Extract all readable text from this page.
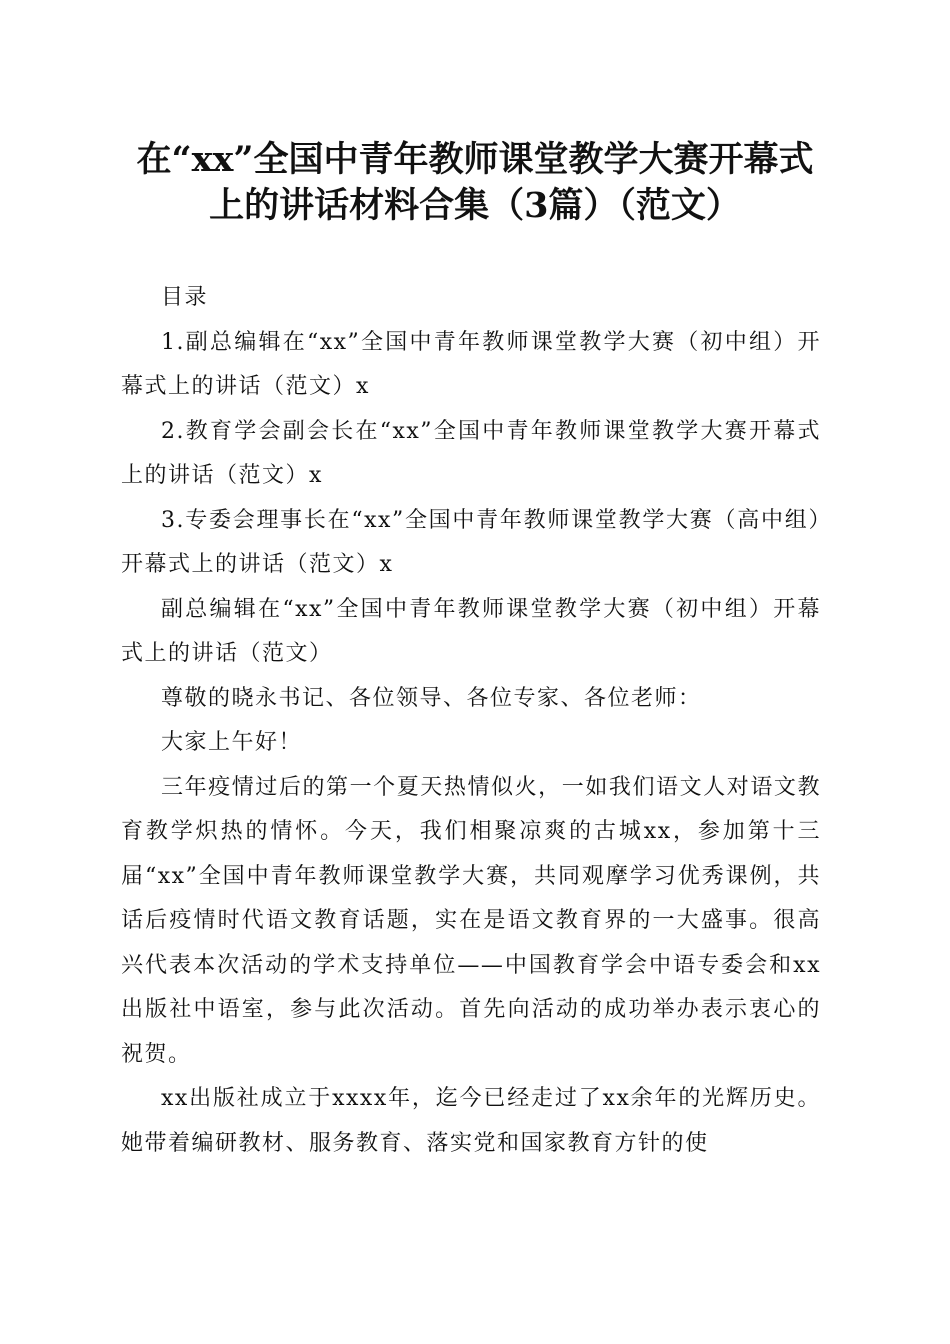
在“xx”全国中青年教师课堂教学大赛开幕式
上的讲话材料合集（3篇）（范文）

目录

1.副总编辑在“xx”全国中青年教师课堂教学大赛（初中组）开幕式上的讲话（范文）x

2.教育学会副会长在“xx”全国中青年教师课堂教学大赛开幕式上的讲话（范文）x

3.专委会理事长在“xx”全国中青年教师课堂教学大赛（高中组）开幕式上的讲话（范文）x

副总编辑在“xx”全国中青年教师课堂教学大赛（初中组）开幕式上的讲话（范文）

尊敬的晓永书记、各位领导、各位专家、各位老师：

大家上午好！

三年疫情过后的第一个夏天热情似火，一如我们语文人对语文教育教学炽热的情怀。今天，我们相聚凉爽的古城xx，参加第十三届“xx”全国中青年教师课堂教学大赛，共同观摩学习优秀课例，共话后疫情时代语文教育话题，实在是语文教育界的一大盛事。很高兴代表本次活动的学术支持单位——中国教育学会中语专委会和xx出版社中语室，参与此次活动。首先向活动的成功举办表示衷心的祝贺。

xx出版社成立于xxxx年，迄今已经走过了xx余年的光辉历史。她带着编研教材、服务教育、落实党和国家教育方针的使
